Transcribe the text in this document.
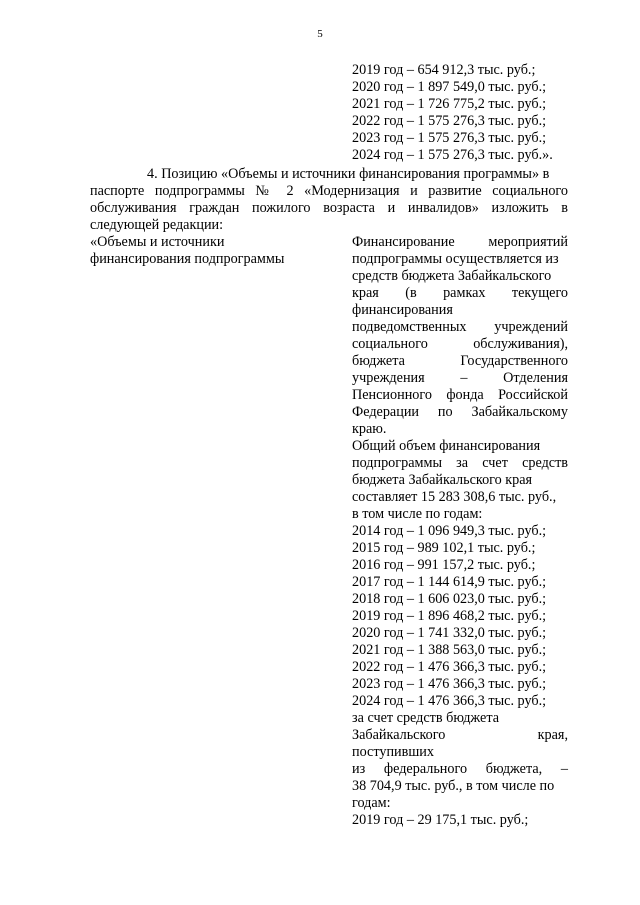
5
2019 год – 654 912,3 тыс. руб.;
2020 год – 1 897 549,0 тыс. руб.;
2021 год – 1 726 775,2 тыс. руб.;
2022 год – 1 575 276,3 тыс. руб.;
2023 год – 1 575 276,3 тыс. руб.;
2024 год – 1 575 276,3 тыс. руб.».
4. Позицию «Объемы и источники финансирования программы» в
паспорте подпрограммы № 2 «Модернизация и развитие социального
обслуживания граждан пожилого возраста и инвалидов» изложить в
следующей редакции:
«Объемы и источники
финансирования подпрограммы
Финансирование мероприятий
подпрограммы осуществляется из
средств бюджета Забайкальского
края (в рамках текущего
финансирования
подведомственных учреждений
социального обслуживания),
бюджета Государственного
учреждения – Отделения
Пенсионного фонда Российской
Федерации по Забайкальскому
краю.
Общий объем финансирования
подпрограммы за счет средств
бюджета Забайкальского края
составляет 15 283 308,6 тыс. руб.,
в том числе по годам:
2014 год – 1 096 949,3 тыс. руб.;
2015 год – 989 102,1 тыс. руб.;
2016 год – 991 157,2 тыс. руб.;
2017 год – 1 144 614,9 тыс. руб.;
2018 год – 1 606 023,0 тыс. руб.;
2019 год – 1 896 468,2 тыс. руб.;
2020 год – 1 741 332,0 тыс. руб.;
2021 год – 1 388 563,0 тыс. руб.;
2022 год – 1 476 366,3 тыс. руб.;
2023 год – 1 476 366,3 тыс. руб.;
2024 год – 1 476 366,3 тыс. руб.;
за счет средств бюджета
Забайкальского края,
поступивших
из федерального бюджета, –
38 704,9 тыс. руб., в том числе по
годам:
2019 год – 29 175,1 тыс. руб.;
